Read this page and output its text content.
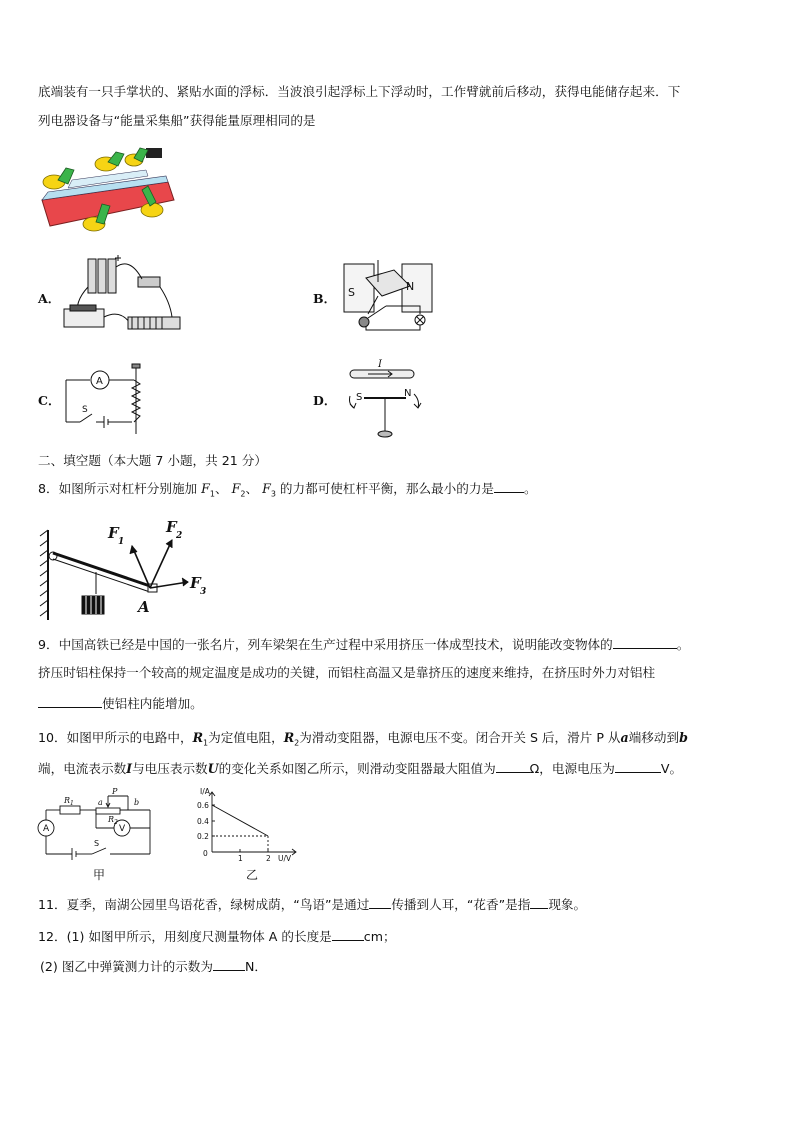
底端装有一只手掌状的、紧贴水面的浮标．当波浪引起浮标上下浮动时，工作臂就前后移动，获得电能储存起来．下
列电器设备与“能量采集船”获得能量原理相同的是
A．	B． S	N
C．
A
S
D．
I
S	N
二、填空题（本大题 7 小题，共 21 分）
8．如图所示对杠杆分别施加 $F_1$、 $F_2$、 $F_3$ 的力都可使杠杆平衡，那么最小的力是 。
F 1
F 2
F 3
A
9．中国高铁已经是中国的一张名片，列车梁架在生产过程中采用挤压一体成型技术，说明能改变物体的	。
挤压时铝柱保持一个较高的规定温度是成功的关键，而铝柱高温又是靠挤压的速度来维持，在挤压时外力对铝柱
使铝柱内能增加。
10．如图甲所示的电路中，$R_1$为定值电阻，$R_2$为滑动变阻器，电源电压不变。闭合开关 S 后，滑片 P 从a端移动到b
端，电流表示数I与电压表示数U的变化关系如图乙所示，则滑动变阻器最大阻值为	Ω，电源电压为	V。
R 1
P
a	b
R 2
V
A
S
甲
I/A
0.6
0.4
0.2
0
1	2 U/V
乙
11．夏季，南湖公园里鸟语花香，绿树成荫，“鸟语”是通过 传播到人耳，“花香”是指 现象。
12．(1) 如图甲所示，用刻度尺测量物体 A 的长度是	cm；
(2) 图乙中弹簧测力计的示数为	N．
